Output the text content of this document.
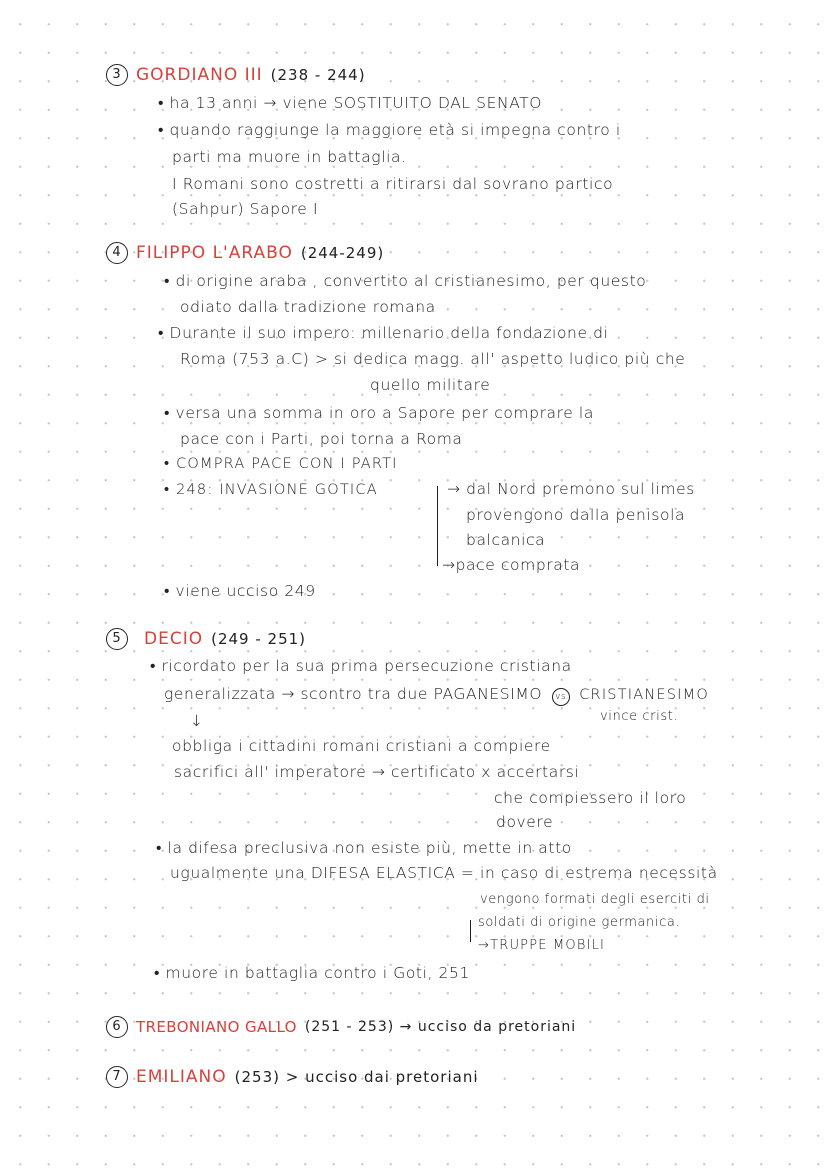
3 GORDIANO III (238 - 244)
• ha 13 anni → viene SOSTITUITO DAL SENATO
• quando raggiunge la maggiore età si impegna contro i
parti ma muore in battaglia.
I Romani sono costretti a ritirarsi dal sovrano partico
(Sahpur) Sapore I
4 FILIPPO L'ARABO (244-249)
• di origine araba , convertito al cristianesimo, per questo
odiato dalla tradizione romana
• Durante il suo impero: millenario della fondazione di
Roma (753 a.C) > si dedica magg. all' aspetto ludico più che
quello militare
• versa una somma in oro a Sapore per comprare la
pace con i Parti, poi torna a Roma
• COMPRA PACE CON I PARTI
• 248: INVASIONE GOTICA	→ dal Nord premono sul limes
provengono dalla penisola
balcanica
→pace comprata
• viene ucciso 249
5 DECIO (249 - 251)
• ricordato per la sua prima persecuzione cristiana
generalizzata → scontro tra due PAGANESIMO vs CRISTIANESIMO
vince crist.
↓
obbliga i cittadini romani cristiani a compiere
sacrifici all' imperatore → certificato x accertarsi
che compiessero il loro
dovere
• la difesa preclusiva non esiste più, mette in atto
ugualmente una DIFESA ELASTICA = in caso di estrema necessità
vengono formati degli eserciti di
soldati di origine germanica.
→TRUPPE MOBILI
• muore in battaglia contro i Goti, 251
6 TREBONIANO GALLO (251 - 253) → ucciso da pretoriani
7 EMILIANO (253) > ucciso dai pretoriani
